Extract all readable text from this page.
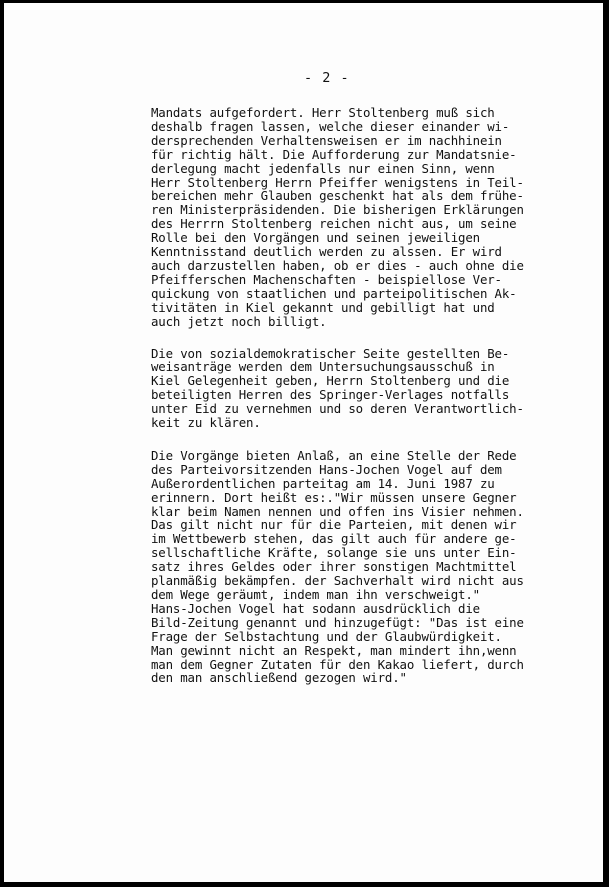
- 2 -
Mandats aufgefordert. Herr Stoltenberg muß sich
deshalb fragen lassen, welche dieser einander wi-
dersprechenden Verhaltensweisen er im nachhinein
für richtig hält. Die Aufforderung zur Mandatsnie-
derlegung macht jedenfalls nur einen Sinn, wenn
Herr Stoltenberg Herrn Pfeiffer wenigstens in Teil-
bereichen mehr Glauben geschenkt hat als dem frühe-
ren Ministerpräsidenden. Die bisherigen Erklärungen
des Herrrn Stoltenberg reichen nicht aus, um seine
Rolle bei den Vorgängen und seinen jeweiligen
Kenntnisstand deutlich werden zu alssen. Er wird
auch darzustellen haben, ob er dies - auch ohne die
Pfeifferschen Machenschaften - beispiellose Ver-
quickung von staatlichen und parteipolitischen Ak-
tivitäten in Kiel gekannt und gebilligt hat und
auch jetzt noch billigt.
Die von sozialdemokratischer Seite gestellten Be-
weisanträge werden dem Untersuchungsausschuß in
Kiel Gelegenheit geben, Herrn Stoltenberg und die
beteiligten Herren des Springer-Verlages notfalls
unter Eid zu vernehmen und so deren Verantwortlich-
keit zu klären.
Die Vorgänge bieten Anlaß, an eine Stelle der Rede
des Parteivorsitzenden Hans-Jochen Vogel auf dem
Außerordentlichen parteitag am 14. Juni 1987 zu
erinnern. Dort heißt es:."Wir müssen unsere Gegner
klar beim Namen nennen und offen ins Visier nehmen.
Das gilt nicht nur für die Parteien, mit denen wir
im Wettbewerb stehen, das gilt auch für andere ge-
sellschaftliche Kräfte, solange sie uns unter Ein-
satz ihres Geldes oder ihrer sonstigen Machtmittel
planmäßig bekämpfen. der Sachverhalt wird nicht aus
dem Wege geräumt, indem man ihn verschweigt."
Hans-Jochen Vogel hat sodann ausdrücklich die
Bild-Zeitung genannt und hinzugefügt: "Das ist eine
Frage der Selbstachtung und der Glaubwürdigkeit.
Man gewinnt nicht an Respekt, man mindert ihn,wenn
man dem Gegner Zutaten für den Kakao liefert, durch
den man anschließend gezogen wird."
